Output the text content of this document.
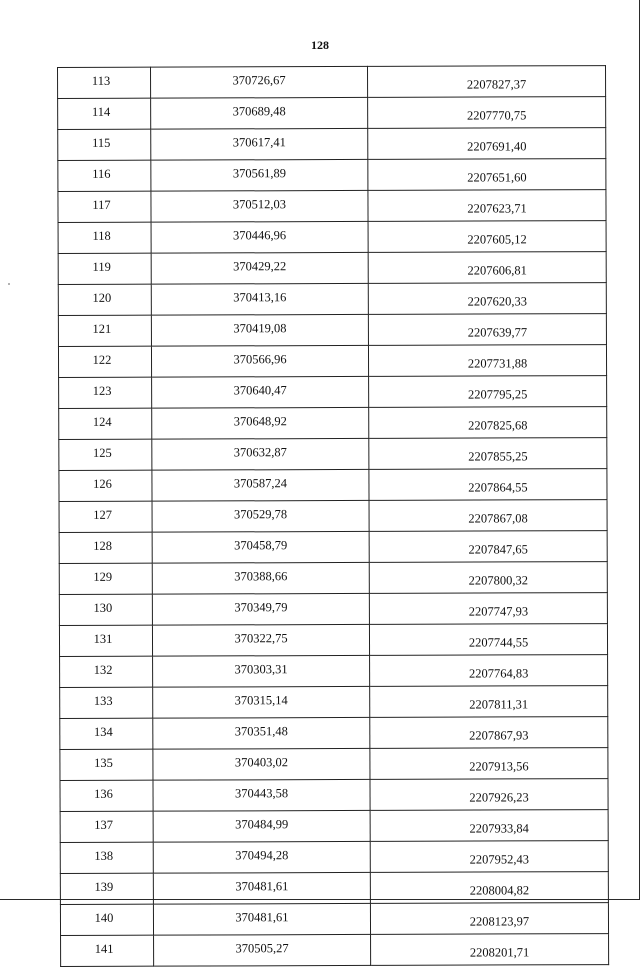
128
113	370726,67	2207827,37
114	370689,48	2207770,75
115	370617,41	2207691,40
116	370561,89	2207651,60
117	370512,03	2207623,71
118	370446,96	2207605,12
119	370429,22	2207606,81
120	370413,16	2207620,33
121	370419,08	2207639,77
122	370566,96	2207731,88
123	370640,47	2207795,25
124	370648,92	2207825,68
125	370632,87	2207855,25
126	370587,24	2207864,55
127	370529,78	2207867,08
128	370458,79	2207847,65
129	370388,66	2207800,32
130	370349,79	2207747,93
131	370322,75	2207744,55
132	370303,31	2207764,83
133	370315,14	2207811,31
134	370351,48	2207867,93
135	370403,02	2207913,56
136	370443,58	2207926,23
137	370484,99	2207933,84
138	370494,28	2207952,43
139	370481,61	2208004,82
140	370481,61	2208123,97
141	370505,27	2208201,71
